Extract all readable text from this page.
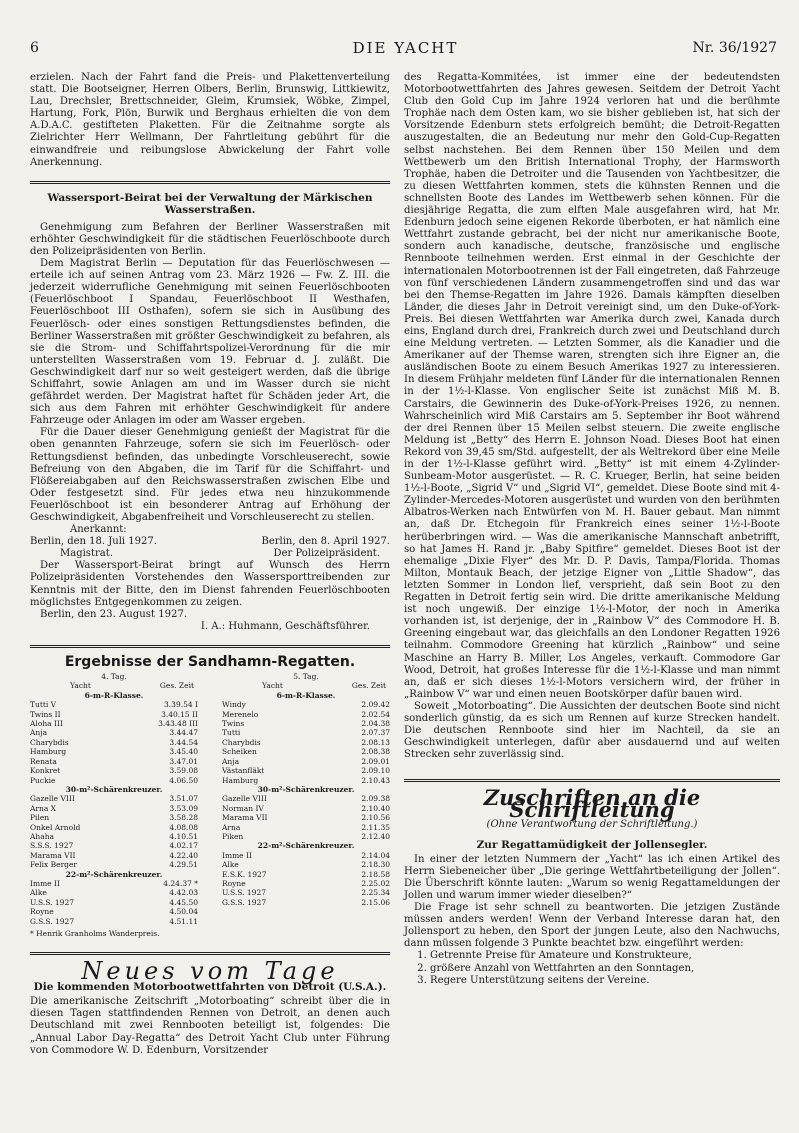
6	DIE YACHT	Nr. 36/1927

erzielen. Nach der Fahrt fand die Preis- und Plakettenverteilung statt. Die Bootseigner, Herren Olbers, Berlin, Brunswig, Littkiewitz, Lau, Drechsler, Brettschneider, Gleim, Krumsiek, Wöbke, Zimpel, Hartung, Fork, Plön, Burwik und Berghaus erhielten die von dem A.D.A.C. gestifteten Plaketten. Für die Zeitnahme sorgte als Zielrichter Herr Wellmann, Der Fahrtleitung gebührt für die einwandfreie und reibungslose Abwickelung der Fahrt volle Anerkennung.

Wassersport-Beirat bei der Verwaltung der Märkischen Wasserstraßen.

Genehmigung zum Befahren der Berliner Wasserstraßen mit erhöhter Geschwindigkeit für die städtischen Feuerlöschboote durch den Polizeipräsidenten von Berlin.

Dem Magistrat Berlin — Deputation für das Feuerlöschwesen — erteile ich auf seinen Antrag vom 23. März 1926 — Fw. Z. III. die jederzeit widerrufliche Genehmigung mit seinen Feuerlöschbooten (Feuerlöschboot I Spandau, Feuerlöschboot II Westhafen, Feuerlöschboot III Osthafen), sofern sie sich in Ausübung des Feuerlösch- oder eines sonstigen Rettungsdienstes befinden, die Berliner Wasserstraßen mit größter Geschwindigkeit zu befahren, als sie die Strom- und Schiffahrtspolizei-Verordnung für die mir unterstellten Wasserstraßen vom 19. Februar d. J. zuläßt. Die Geschwindigkeit darf nur so weit gesteigert werden, daß die übrige Schiffahrt, sowie Anlagen am und im Wasser durch sie nicht gefährdet werden. Der Magistrat haftet für Schäden jeder Art, die sich aus dem Fahren mit erhöhter Geschwindigkeit für andere Fahrzeuge oder Anlagen im oder am Wasser ergeben.

Für die Dauer dieser Genehmigung genießt der Magistrat für die oben genannten Fahrzeuge, sofern sie sich im Feuerlösch- oder Rettungsdienst befinden, das unbedingte Vorschleuserecht, sowie Befreiung von den Abgaben, die im Tarif für die Schiffahrt- und Flößereiabgaben auf den Reichswasserstraßen zwischen Elbe und Oder festgesetzt sind. Für jedes etwa neu hinzukommende Feuerlöschboot ist ein besonderer Antrag auf Erhöhung der Geschwindigkeit, Abgabenfreiheit und Vorschleuserecht zu stellen.

Anerkannt:
Berlin, den 18. Juli 1927.	Berlin, den 8. April 1927.
Magistrat.	Der Polizeipräsident.

Der Wassersport-Beirat bringt auf Wunsch des Herrn Polizeipräsidenten Vorstehendes den Wassersporttreibenden zur Kenntnis mit der Bitte, den im Dienst fahrenden Feuerlöschbooten möglichstes Entgegenkommen zu zeigen.

Berlin, den 23. August 1927.

I. A.: Huhmann, Geschäftsführer.
Ergebnisse der Sandhamn-Regatten.
4. Tag.
Yacht	Ges. Zeit
6-m-R-Klasse.
Tutti V	3.39.54 I
Twins II	3.40.15 II
Aloha III	3.43.48 III
Anja	3.44.47
Charybdis	3.44.54
Hamburg	3.45.40
Renata	3.47.01
Konkret	3.59.08
Puckie	4.06.50
30-m²-Schärenkreuzer.
Gazelle VIII	3.51.07
Arna X	3.53.09
Pilen	3.58.28
Onkel Arnold	4.08.08
Ahaha	4.10.51
S.S.S. 1927	4.02.17
Marama VII	4.22.40
Felix Berger	4.29.51
22-m²-Schärenkreuzer.
Imme II	4.24.37 *
Alke	4.42.03
U.S.S. 1927	4.45.50
Royne	4.50.04
G.S.S. 1927	4.51.11
5. Tag.
Yacht	Ges. Zeit
6-m-R-Klasse.
Windy	2.09.42
Merenelo	2.02.54
Twins	2.04.38
Tutti	2.07.37
Charybdis	2.08.13
Scheiken	2.08.38
Anja	2.09.01
Västanfläkt	2.09.10
Hamburg	2.10.43
30-m²-Schärenkreuzer.
Gazelle VIII	2.09.38
Norman IV	2.10.40
Marama VII	2.10.56
Arna	2.11.35
Piken	2.12.40
22-m²-Schärenkreuzer.
Imme II	2.14.04
Alke	2.18.30
E.S.K. 1927	2.18.58
Royne	2.25.02
U.S.S. 1927	2.25.34
G.S.S. 1927	2.15.06
* Henrik Granholms Wanderpreis.
Neues vom Tage
Die kommenden Motorbootwettfahrten von Detroit (U.S.A.).

Die amerikanische Zeitschrift „Motorboating“ schreibt über die in diesen Tagen stattfindenden Rennen von Detroit, an denen auch Deutschland mit zwei Rennbooten beteiligt ist, folgendes: Die „Annual Labor Day-Regatta“ des Detroit Yacht Club unter Führung von Commodore W. D. Edenburn, Vorsitzender

des Regatta-Kommitées, ist immer eine der bedeutendsten Motorbootwettfahrten des Jahres gewesen. Seitdem der Detroit Yacht Club den Gold Cup im Jahre 1924 verloren hat und die berühmte Trophäe nach dem Osten kam, wo sie bisher geblieben ist, hat sich der Vorsitzende Edenburn stets erfolgreich bemüht; die Detroit-Regatten auszugestalten, die an Bedeutung nur mehr den Gold-Cup-Regatten selbst nachstehen. Bei dem Rennen über 150 Meilen und dem Wettbewerb um den British International Trophy, der Harmsworth Trophäe, haben die Detroiter und die Tausenden von Yachtbesitzer, die zu diesen Wettfahrten kommen, stets die kühnsten Rennen und die schnellsten Boote des Landes im Wettbewerb sehen können. Für die diesjährige Regatta, die zum elften Male ausgefahren wird, hat Mr. Edenburn jedoch seine eigenen Rekorde überboten, er hat nämlich eine Wettfahrt zustande gebracht, bei der nicht nur amerikanische Boote, sondern auch kanadische, deutsche, französische und englische Rennboote teilnehmen werden. Erst einmal in der Geschichte der internationalen Motorbootrennen ist der Fall eingetreten, daß Fahrzeuge von fünf verschiedenen Ländern zusammengetroffen sind und das war bei den Themse-Regatten im Jahre 1926. Damals kämpften dieselben Länder, die dieses Jahr in Detroit vereinigt sind, um den Duke-of-York-Preis. Bei diesen Wettfahrten war Amerika durch zwei, Kanada durch eins, England durch drei, Frankreich durch zwei und Deutschland durch eine Meldung vertreten. — Letzten Sommer, als die Kanadier und die Amerikaner auf der Themse waren, strengten sich ihre Eigner an, die ausländischen Boote zu einem Besuch Amerikas 1927 zu interessieren. In diesem Frühjahr meldeten fünf Länder für die internationalen Rennen in der 1½-l-Klasse. Von englischer Seite ist zunächst Miß M. B. Carstairs, die Gewinnerin des Duke-of-York-Preises 1926, zu nennen. Wahrscheinlich wird Miß Carstairs am 5. September ihr Boot während der drei Rennen über 15 Meilen selbst steuern. Die zweite englische Meldung ist „Betty“ des Herrn E. Johnson Noad. Dieses Boot hat einen Rekord von 39,45 sm/Std. aufgestellt, der als Weltrekord über eine Meile in der 1½-l-Klasse geführt wird. „Betty“ ist mit einem 4-Zylinder-Sunbeam-Motor ausgerüstet. — R. C. Krueger, Berlin, hat seine beiden 1½-l-Boote, „Sigrid V“ und „Sigrid VI“, gemeldet. Diese Boote sind mit 4-Zylinder-Mercedes-Motoren ausgerüstet und wurden von den berühmten Albatros-Werken nach Entwürfen von M. H. Bauer gebaut. Man nimmt an, daß Dr. Etchegoin für Frankreich eines seiner 1½-l-Boote herüberbringen wird. — Was die amerikanische Mannschaft anbetrifft, so hat James H. Rand jr. „Baby Spitfire“ gemeldet. Dieses Boot ist der ehemalige „Dixie Flyer“ des Mr. D. P. Davis, Tampa/Florida. Thomas Milton, Montauk Beach, der jetzige Eigner von „Little Shadow“, das letzten Sommer in London lief, versprieht, daß sein Boot zu den Regatten in Detroit fertig sein wird. Die dritte amerikanische Meldung ist noch ungewiß. Der einzige 1½-l-Motor, der noch in Amerika vorhanden ist, ist derjenige, der in „Rainbow V“ des Commodore H. B. Greening eingebaut war, das gleichfalls an den Londoner Regatten 1926 teilnahm. Commodore Greening hat kürzlich „Rainbow“ und seine Maschine an Harry B. Miller, Los Angeles, verkauft. Commodore Gar Wood, Detroit, hat großes Interesse für die 1½-l-Klasse und man nimmt an, daß er sich dieses 1½-l-Motors versichern wird, der früher in „Rainbow V“ war und einen neuen Bootskörper dafür bauen wird.

Soweit „Motorboating“. Die Aussichten der deutschen Boote sind nicht sonderlich günstig, da es sich um Rennen auf kurze Strecken handelt. Die deutschen Rennboote sind hier im Nachteil, da sie an Geschwindigkeit unterlegen, dafür aber ausdauernd und auf weiten Strecken sehr zuverlässig sind.

Zuschriften an die Schriftleitung
(Ohne Verantwortung der Schriftleitung.)
Zur Regattamüdigkeit der Jollensegler.

In einer der letzten Nummern der „Yacht“ las ich einen Artikel des Herrn Siebeneicher über „Die geringe Wettfahrtbeteiligung der Jollen“. Die Überschrift könnte lauten: „Warum so wenig Regattameldungen der Jollen und warum immer wieder dieselben?“

Die Frage ist sehr schnell zu beantworten. Die jetzigen Zustände müssen anders werden! Wenn der Verband Interesse daran hat, den Jollensport zu heben, den Sport der jungen Leute, also den Nachwuchs, dann müssen folgende 3 Punkte beachtet bzw. eingeführt werden:

1. Getrennte Preise für Amateure und Konstrukteure,
2. größere Anzahl von Wettfahrten an den Sonntagen,
3. Regere Unterstützung seitens der Vereine.
